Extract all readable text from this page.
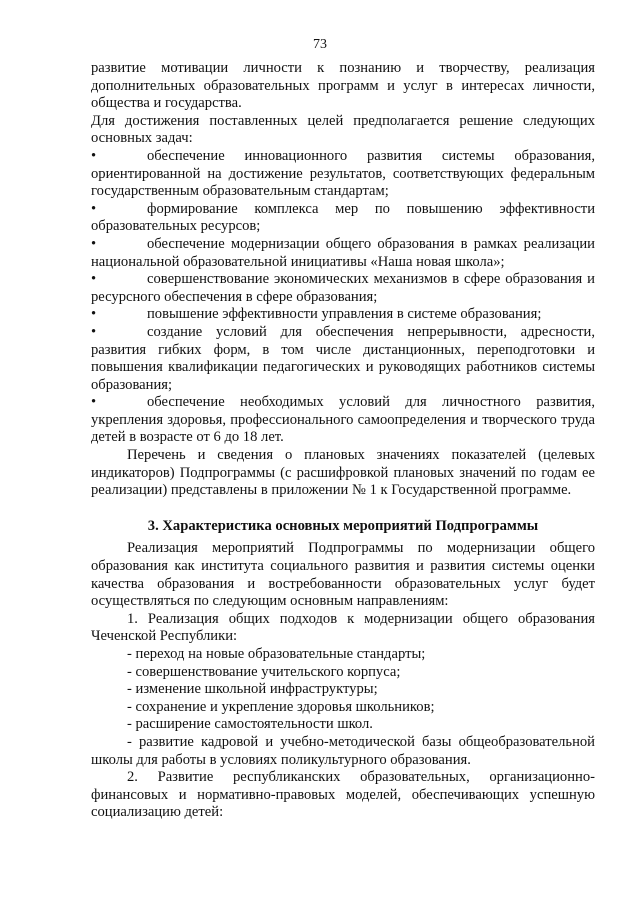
73

развитие мотивации личности к познанию и творчеству, реализация дополнительных образовательных программ и услуг в интересах личности, общества и государства.

Для достижения поставленных целей предполагается решение следующих основных задач:

•	обеспечение инновационного развития системы образования, ориентированной на достижение результатов, соответствующих федеральным государственным образовательным стандартам;

•	формирование комплекса мер по повышению эффективности образовательных ресурсов;

•	обеспечение модернизации общего образования в рамках реализации национальной образовательной инициативы «Наша новая школа»;

•	совершенствование экономических механизмов в сфере образования и ресурсного обеспечения в сфере образования;

•	повышение эффективности управления в системе образования;

•	создание условий для обеспечения непрерывности, адресности, развития гибких форм, в том числе дистанционных, переподготовки и повышения квалификации педагогических и руководящих работников системы образования;

•	обеспечение необходимых условий для личностного развития, укрепления здоровья, профессионального самоопределения и творческого труда детей в возрасте от 6 до 18 лет.

Перечень и сведения о плановых значениях показателей (целевых индикаторов) Подпрограммы (с расшифровкой плановых значений по годам ее реализации) представлены в приложении № 1 к Государственной программе.

3. Характеристика основных мероприятий Подпрограммы

Реализация мероприятий Подпрограммы по модернизации общего образования как института социального развития и развития системы оценки качества образования и востребованности образовательных услуг будет осуществляться по следующим основным направлениям:

1. Реализация общих подходов к модернизации общего образования Чеченской Республики:

- переход на новые образовательные стандарты;

- совершенствование учительского корпуса;

- изменение школьной инфраструктуры;

- сохранение и укрепление здоровья школьников;

- расширение самостоятельности школ.

- развитие кадровой и учебно-методической базы общеобразовательной школы для работы в условиях поликультурного образования.

2. Развитие республиканских образовательных, организационно-финансовых и нормативно-правовых моделей, обеспечивающих успешную социализацию детей:
